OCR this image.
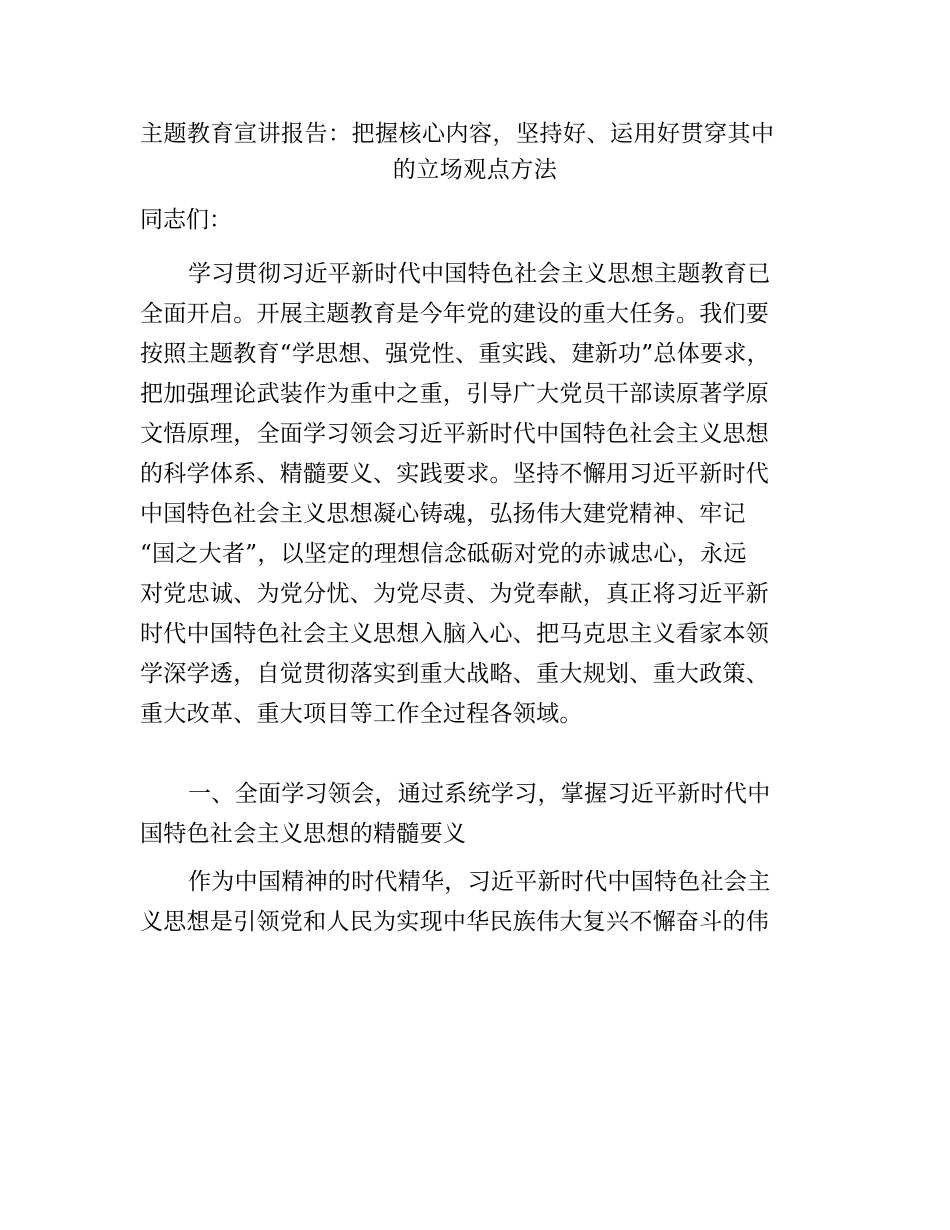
主题教育宣讲报告：把握核心内容，坚持好、运用好贯穿其中
的立场观点方法
同志们：
学习贯彻习近平新时代中国特色社会主义思想主题教育已
全面开启。开展主题教育是今年党的建设的重大任务。我们要
按照主题教育“学思想、强党性、重实践、建新功”总体要求，
把加强理论武装作为重中之重，引导广大党员干部读原著学原
文悟原理，全面学习领会习近平新时代中国特色社会主义思想
的科学体系、精髓要义、实践要求。坚持不懈用习近平新时代
中国特色社会主义思想凝心铸魂，弘扬伟大建党精神、牢记
“国之大者”，以坚定的理想信念砥砺对党的赤诚忠心，永远
对党忠诚、为党分忧、为党尽责、为党奉献，真正将习近平新
时代中国特色社会主义思想入脑入心、把马克思主义看家本领
学深学透，自觉贯彻落实到重大战略、重大规划、重大政策、
重大改革、重大项目等工作全过程各领域。
一、全面学习领会，通过系统学习，掌握习近平新时代中
国特色社会主义思想的精髓要义
作为中国精神的时代精华，习近平新时代中国特色社会主
义思想是引领党和人民为实现中华民族伟大复兴不懈奋斗的伟
